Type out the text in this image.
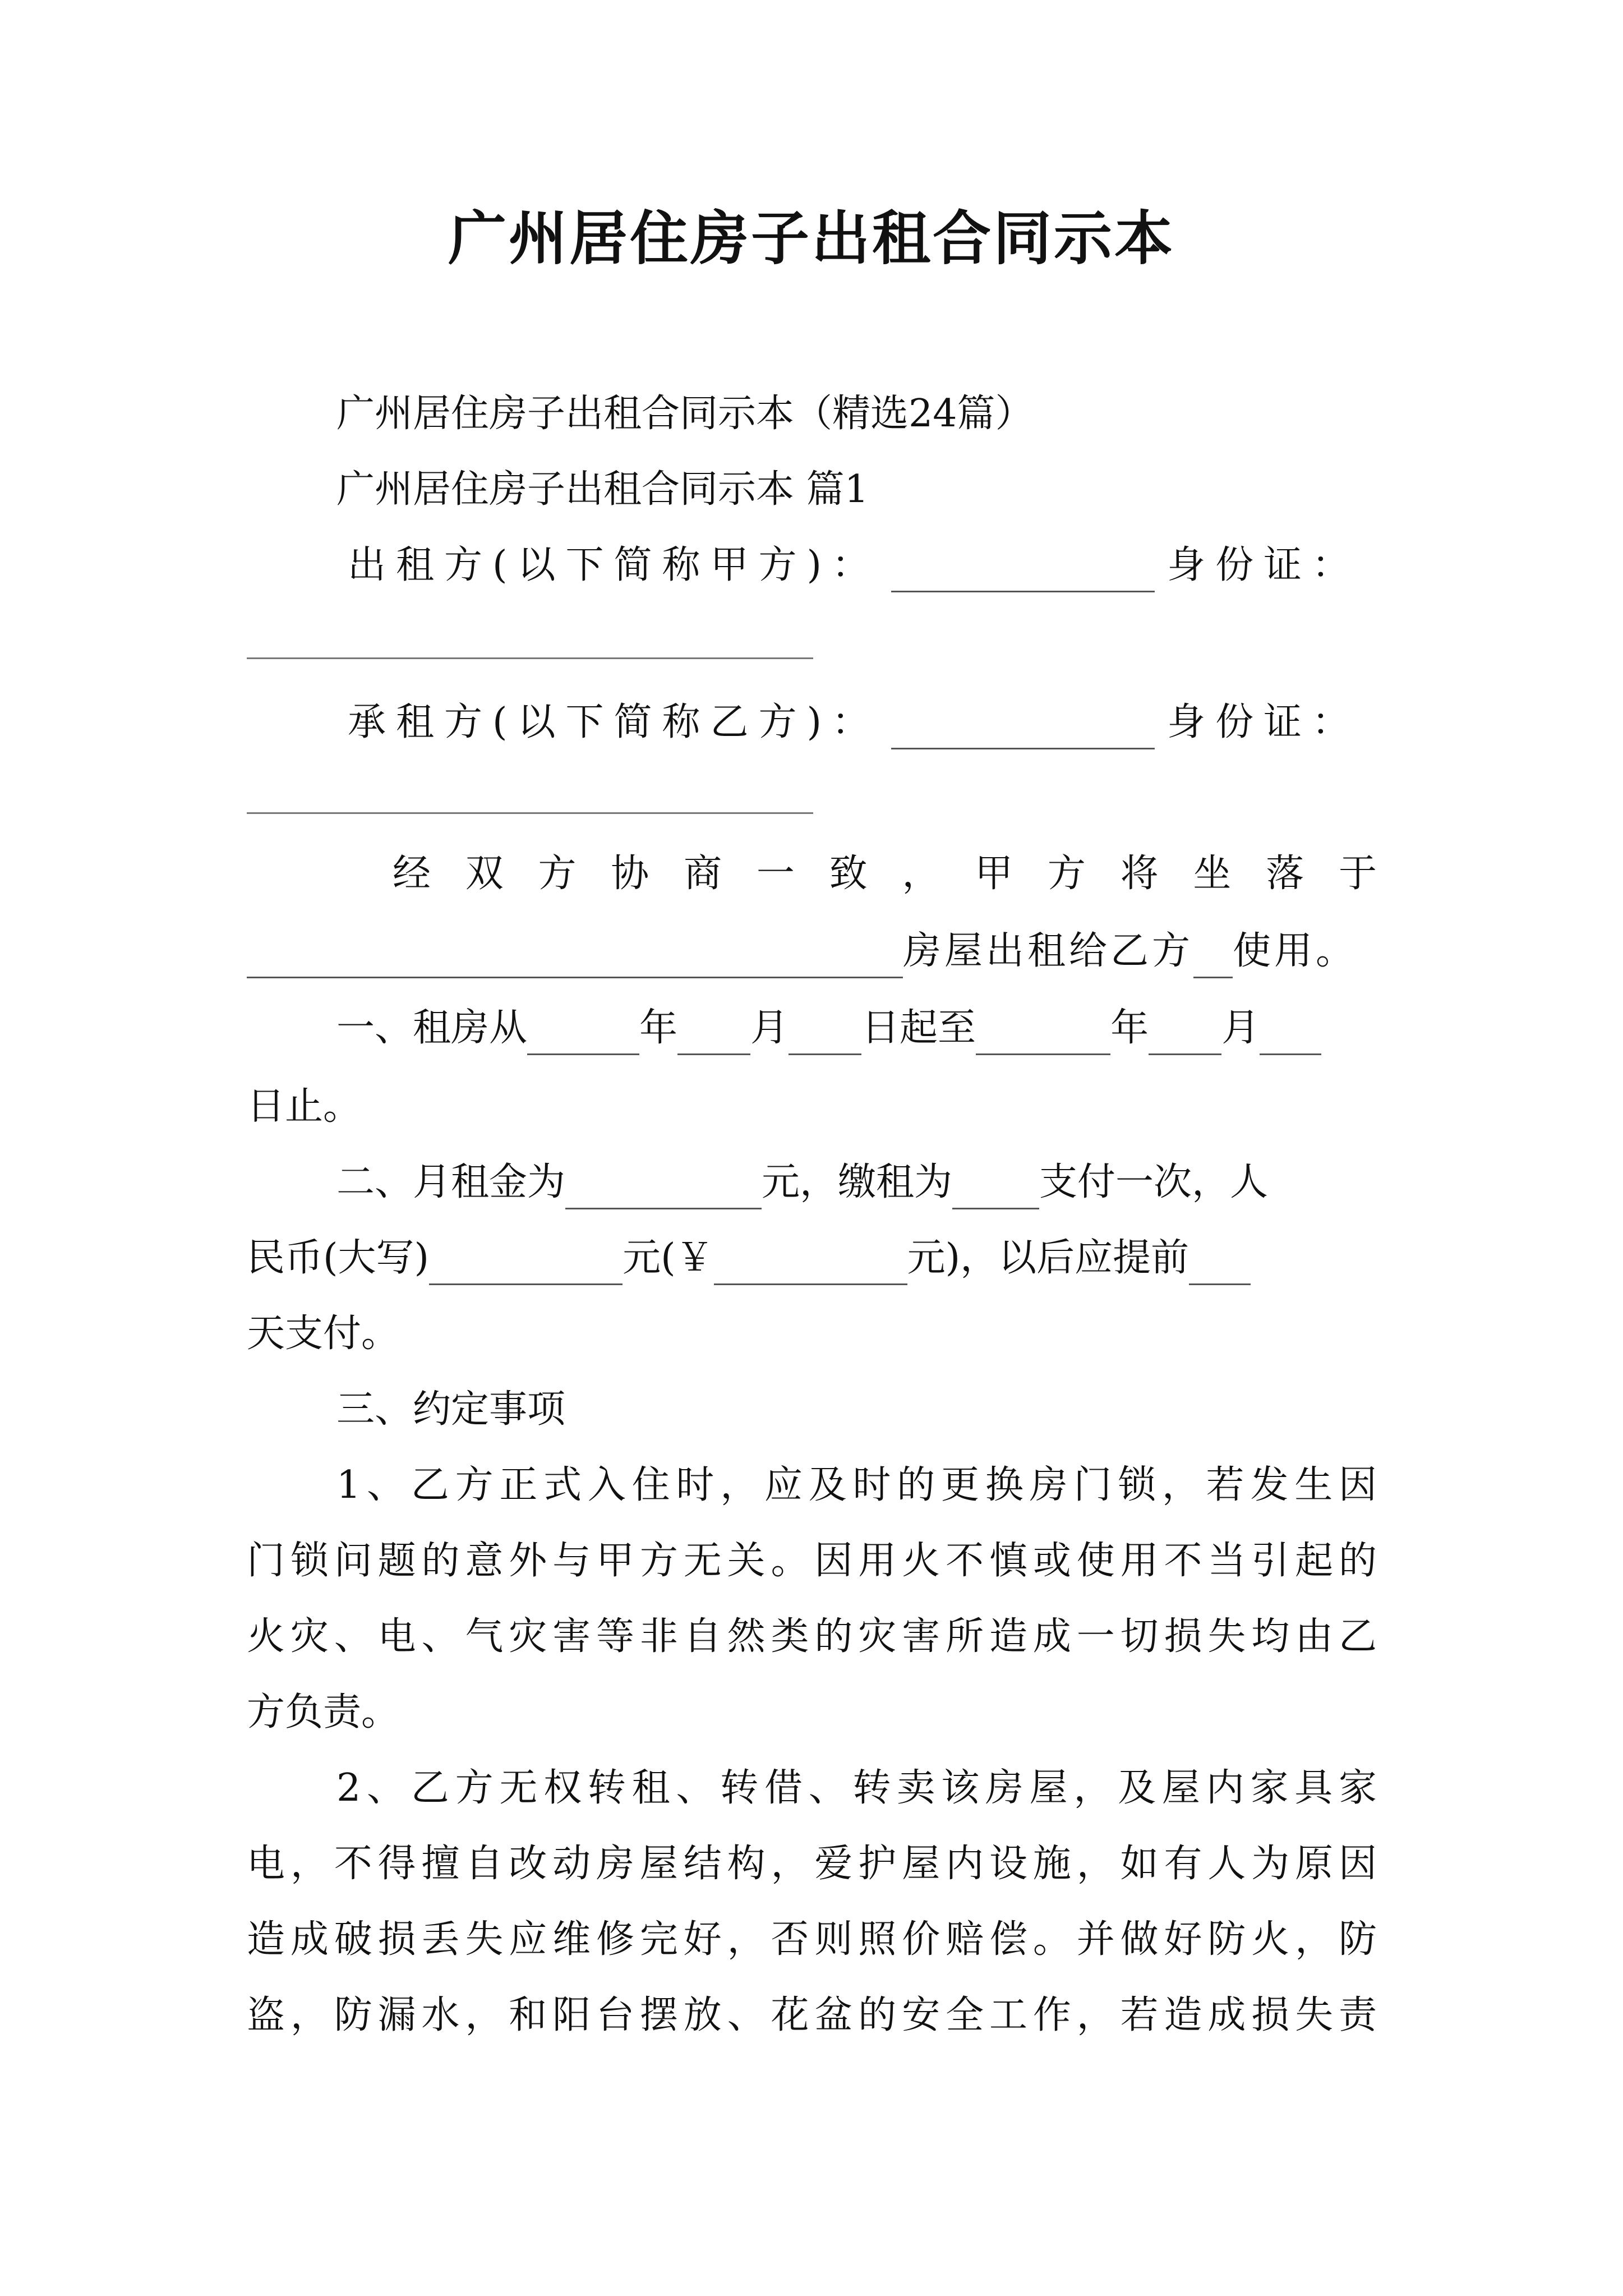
广州居住房子出租合同示本
广州居住房子出租合同示本（精选24篇）
广州居住房子出租合同示本 篇1
出租方(以下简称甲方)：	身份证：
承租方(以下简称乙方)：	身份证：
经 双 方 协 商 一 致 ， 甲 方 将 坐 落 于
房屋出租给乙方 使用。
一、租房从	年 月 日起至	年 月
日止。
二、月租金为	元，缴租为 支付一次，人
民币(大写)	元(￥	元)，以后应提前
天支付。
三、约定事项
1、乙方正式入住时，应及时的更换房门锁，若发生因
门锁问题的意外与甲方无关。因用火不慎或使用不当引起的
火灾、电、气灾害等非自然类的灾害所造成一切损失均由乙
方负责。
2、乙方无权转租、转借、转卖该房屋，及屋内家具家
电，不得擅自改动房屋结构，爱护屋内设施，如有人为原因
造成破损丢失应维修完好，否则照价赔偿。并做好防火，防
盗，防漏水，和阳台摆放、花盆的安全工作，若造成损失责
